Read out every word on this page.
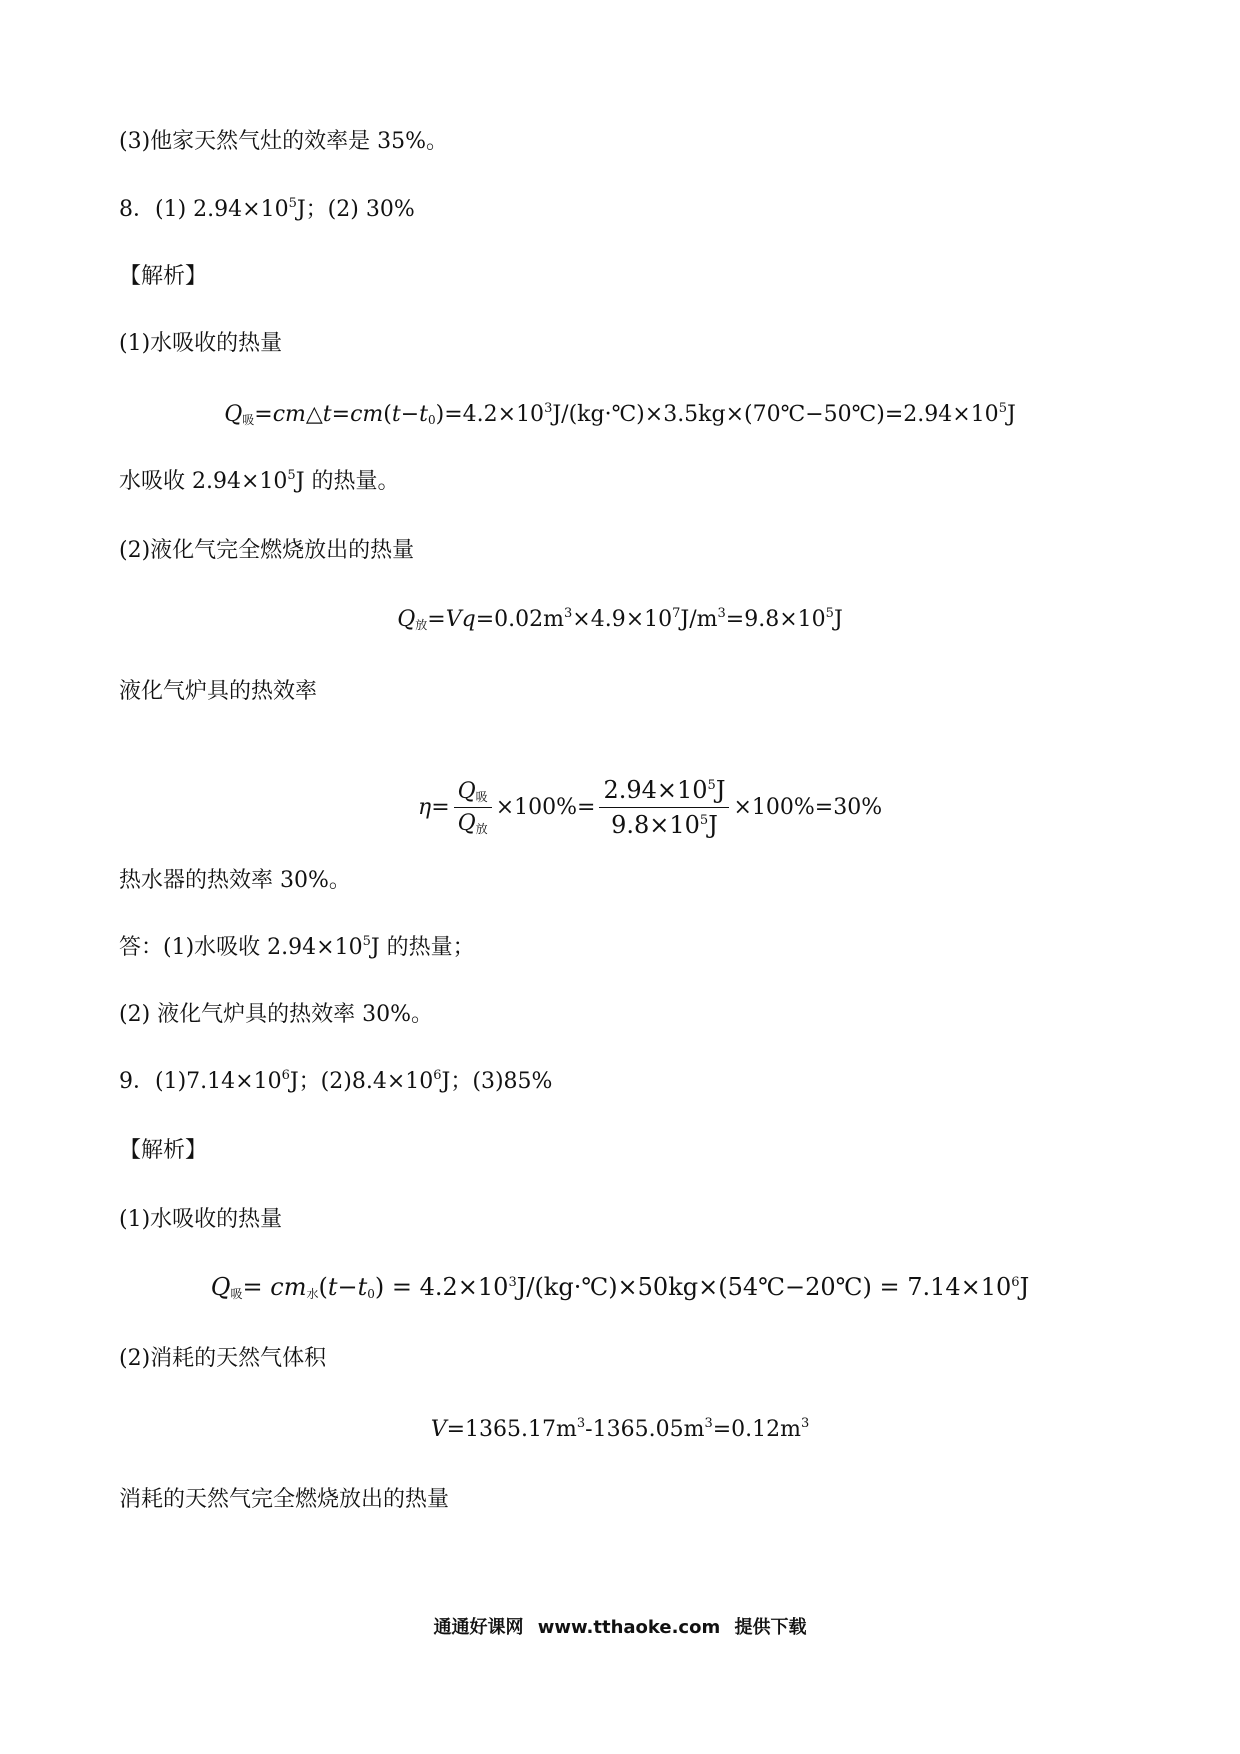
(3)他家天然气灶的效率是 35%。
8．(1) $2.94\times 10^5J$；(2) 30%
【解析】
(1)水吸收的热量
$Q_吸=cm\triangle t=cm(t-t_0)=4.2\times 10^3J/(kg\cdot℃)\times 3.5kg\times(70℃-50℃)=2.94\times 10^5J$
水吸收 $2.94\times 10^5J$ 的热量。
(2)液化气完全燃烧放出的热量
$Q_放=Vq=0.02m^3\times 4.9\times 10^7J/m^3=9.8\times 10^5J$
液化气炉具的热效率
$\eta = \frac{Q_吸}{Q_放} \times 100\%= \frac{2.94\times 10^5J}{9.8\times 10^5J} \times 100\%=30\%$
热水器的热效率 30%。
答：(1)水吸收 $2.94\times 10^5J$ 的热量；
(2) 液化气炉具的热效率 30%。
9．$(1)7.14\times 10^6J$；$(2)8.4\times 10^6J$；(3)85%
【解析】
(1)水吸收的热量
$Q_吸= cm_水(t-t_0)$ = $4.2\times 10^3J/(kg\cdot℃)\times 50kg\times(54℃-20℃) = 7.14\times 10^6J$
(2)消耗的天然气体积
$V=1365.17m^3-1365.05m^3=0.12m^3$
消耗的天然气完全燃烧放出的热量
通通好课网 www.tthaoke.com 提供下载
